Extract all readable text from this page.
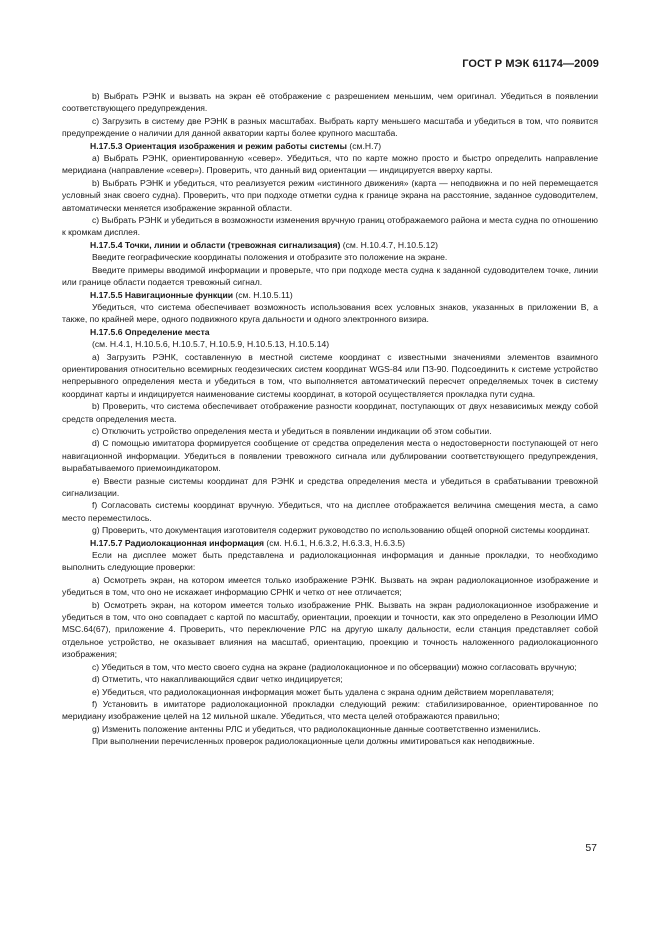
ГОСТ Р МЭК 61174—2009

b) Выбрать РЭНК и вызвать на экран её отображение с разрешением меньшим, чем оригинал. Убедиться в появлении соответствующего предупреждения.

c) Загрузить в систему две РЭНК в разных масштабах. Выбрать карту меньшего масштаба и убедиться в том, что появится предупреждение о наличии для данной акватории карты более крупного масштаба.

Н.17.5.3 Ориентация изображения и режим работы системы (см.Н.7)

a) Выбрать РЭНК, ориентированную «север». Убедиться, что по карте можно просто и быстро определить направление меридиана (направление «север»). Проверить, что данный вид ориентации — индицируется вверху карты.

b) Выбрать РЭНК и убедиться, что реализуется режим «истинного движения» (карта — неподвижна и по ней перемещается условный знак своего судна). Проверить, что при подходе отметки судна к границе экрана на расстояние, заданное судоводителем, автоматически меняется изображение экранной области.

c) Выбрать РЭНК и убедиться в возможности изменения вручную границ отображаемого района и места судна по отношению к кромкам дисплея.

Н.17.5.4 Точки, линии и области (тревожная сигнализация) (см. Н.10.4.7, Н.10.5.12)

Введите географические координаты положения и отобразите это положение на экране.

Введите примеры вводимой информации и проверьте, что при подходе места судна к заданной судоводителем точке, линии или границе области подается тревожный сигнал.

Н.17.5.5 Навигационные функции (см. Н.10.5.11)

Убедиться, что система обеспечивает возможность использования всех условных знаков, указанных в приложении В, а также, по крайней мере, одного подвижного круга дальности и одного электронного визира.

Н.17.5.6 Определение места

(см. Н.4.1, Н.10.5.6, Н.10.5.7, Н.10.5.9, Н.10.5.13, Н.10.5.14)

a) Загрузить РЭНК, составленную в местной системе координат с известными значениями элементов взаимного ориентирования относительно всемирных геодезических систем координат WGS-84 или ПЗ-90. Подсоединить к системе устройство непрерывного определения места и убедиться в том, что выполняется автоматический пересчет определяемых точек в систему координат карты и индицируется наименование системы координат, в которой осуществляется прокладка пути судна.

b) Проверить, что система обеспечивает отображение разности координат, поступающих от двух независимых между собой средств определения места.

c) Отключить устройство определения места и убедиться в появлении индикации об этом событии.

d) С помощью имитатора формируется сообщение от средства определения места о недостоверности поступающей от него навигационной информации. Убедиться в появлении тревожного сигнала или дублировании соответствующего предупреждения, вырабатываемого приемоиндикатором.

e) Ввести разные системы координат для РЭНК и средства определения места и убедиться в срабатывании тревожной сигнализации.

f) Согласовать системы координат вручную. Убедиться, что на дисплее отображается величина смещения места, а само место переместилось.

g) Проверить, что документация изготовителя содержит руководство по использованию общей опорной системы координат.

Н.17.5.7 Радиолокационная информация (см. Н.6.1, Н.6.3.2, Н.6.3.3, Н.6.3.5)

Если на дисплее может быть представлена и радиолокационная информация и данные прокладки, то необходимо выполнить следующие проверки:

a) Осмотреть экран, на котором имеется только изображение РЭНК. Вызвать на экран радиолокационное изображение и убедиться в том, что оно не искажает информацию СРНК и четко от нее отличается;

b) Осмотреть экран, на котором имеется только изображение РНК. Вызвать на экран радиолокационное изображение и убедиться в том, что оно совпадает с картой по масштабу, ориентации, проекции и точности, как это определено в Резолюции ИМО MSC.64(67), приложение 4. Проверить, что переключение РЛС на другую шкалу дальности, если станция представляет собой отдельное устройство, не оказывает влияния на масштаб, ориентацию, проекцию и точность наложенного радиолокационного изображения;

c) Убедиться в том, что место своего судна на экране (радиолокационное и по обсервации) можно согласовать вручную;

d) Отметить, что накапливающийся сдвиг четко индицируется;

e) Убедиться, что радиолокационная информация может быть удалена с экрана одним действием мореплавателя;

f) Установить в имитаторе радиолокационной прокладки следующий режим: стабилизированное, ориентированное по меридиану изображение целей на 12 мильной шкале. Убедиться, что места целей отображаются правильно;

g) Изменить положение антенны РЛС и убедиться, что радиолокационные данные соответственно изменились.

При выполнении перечисленных проверок радиолокационные цели должны имитироваться как неподвижные.

57
